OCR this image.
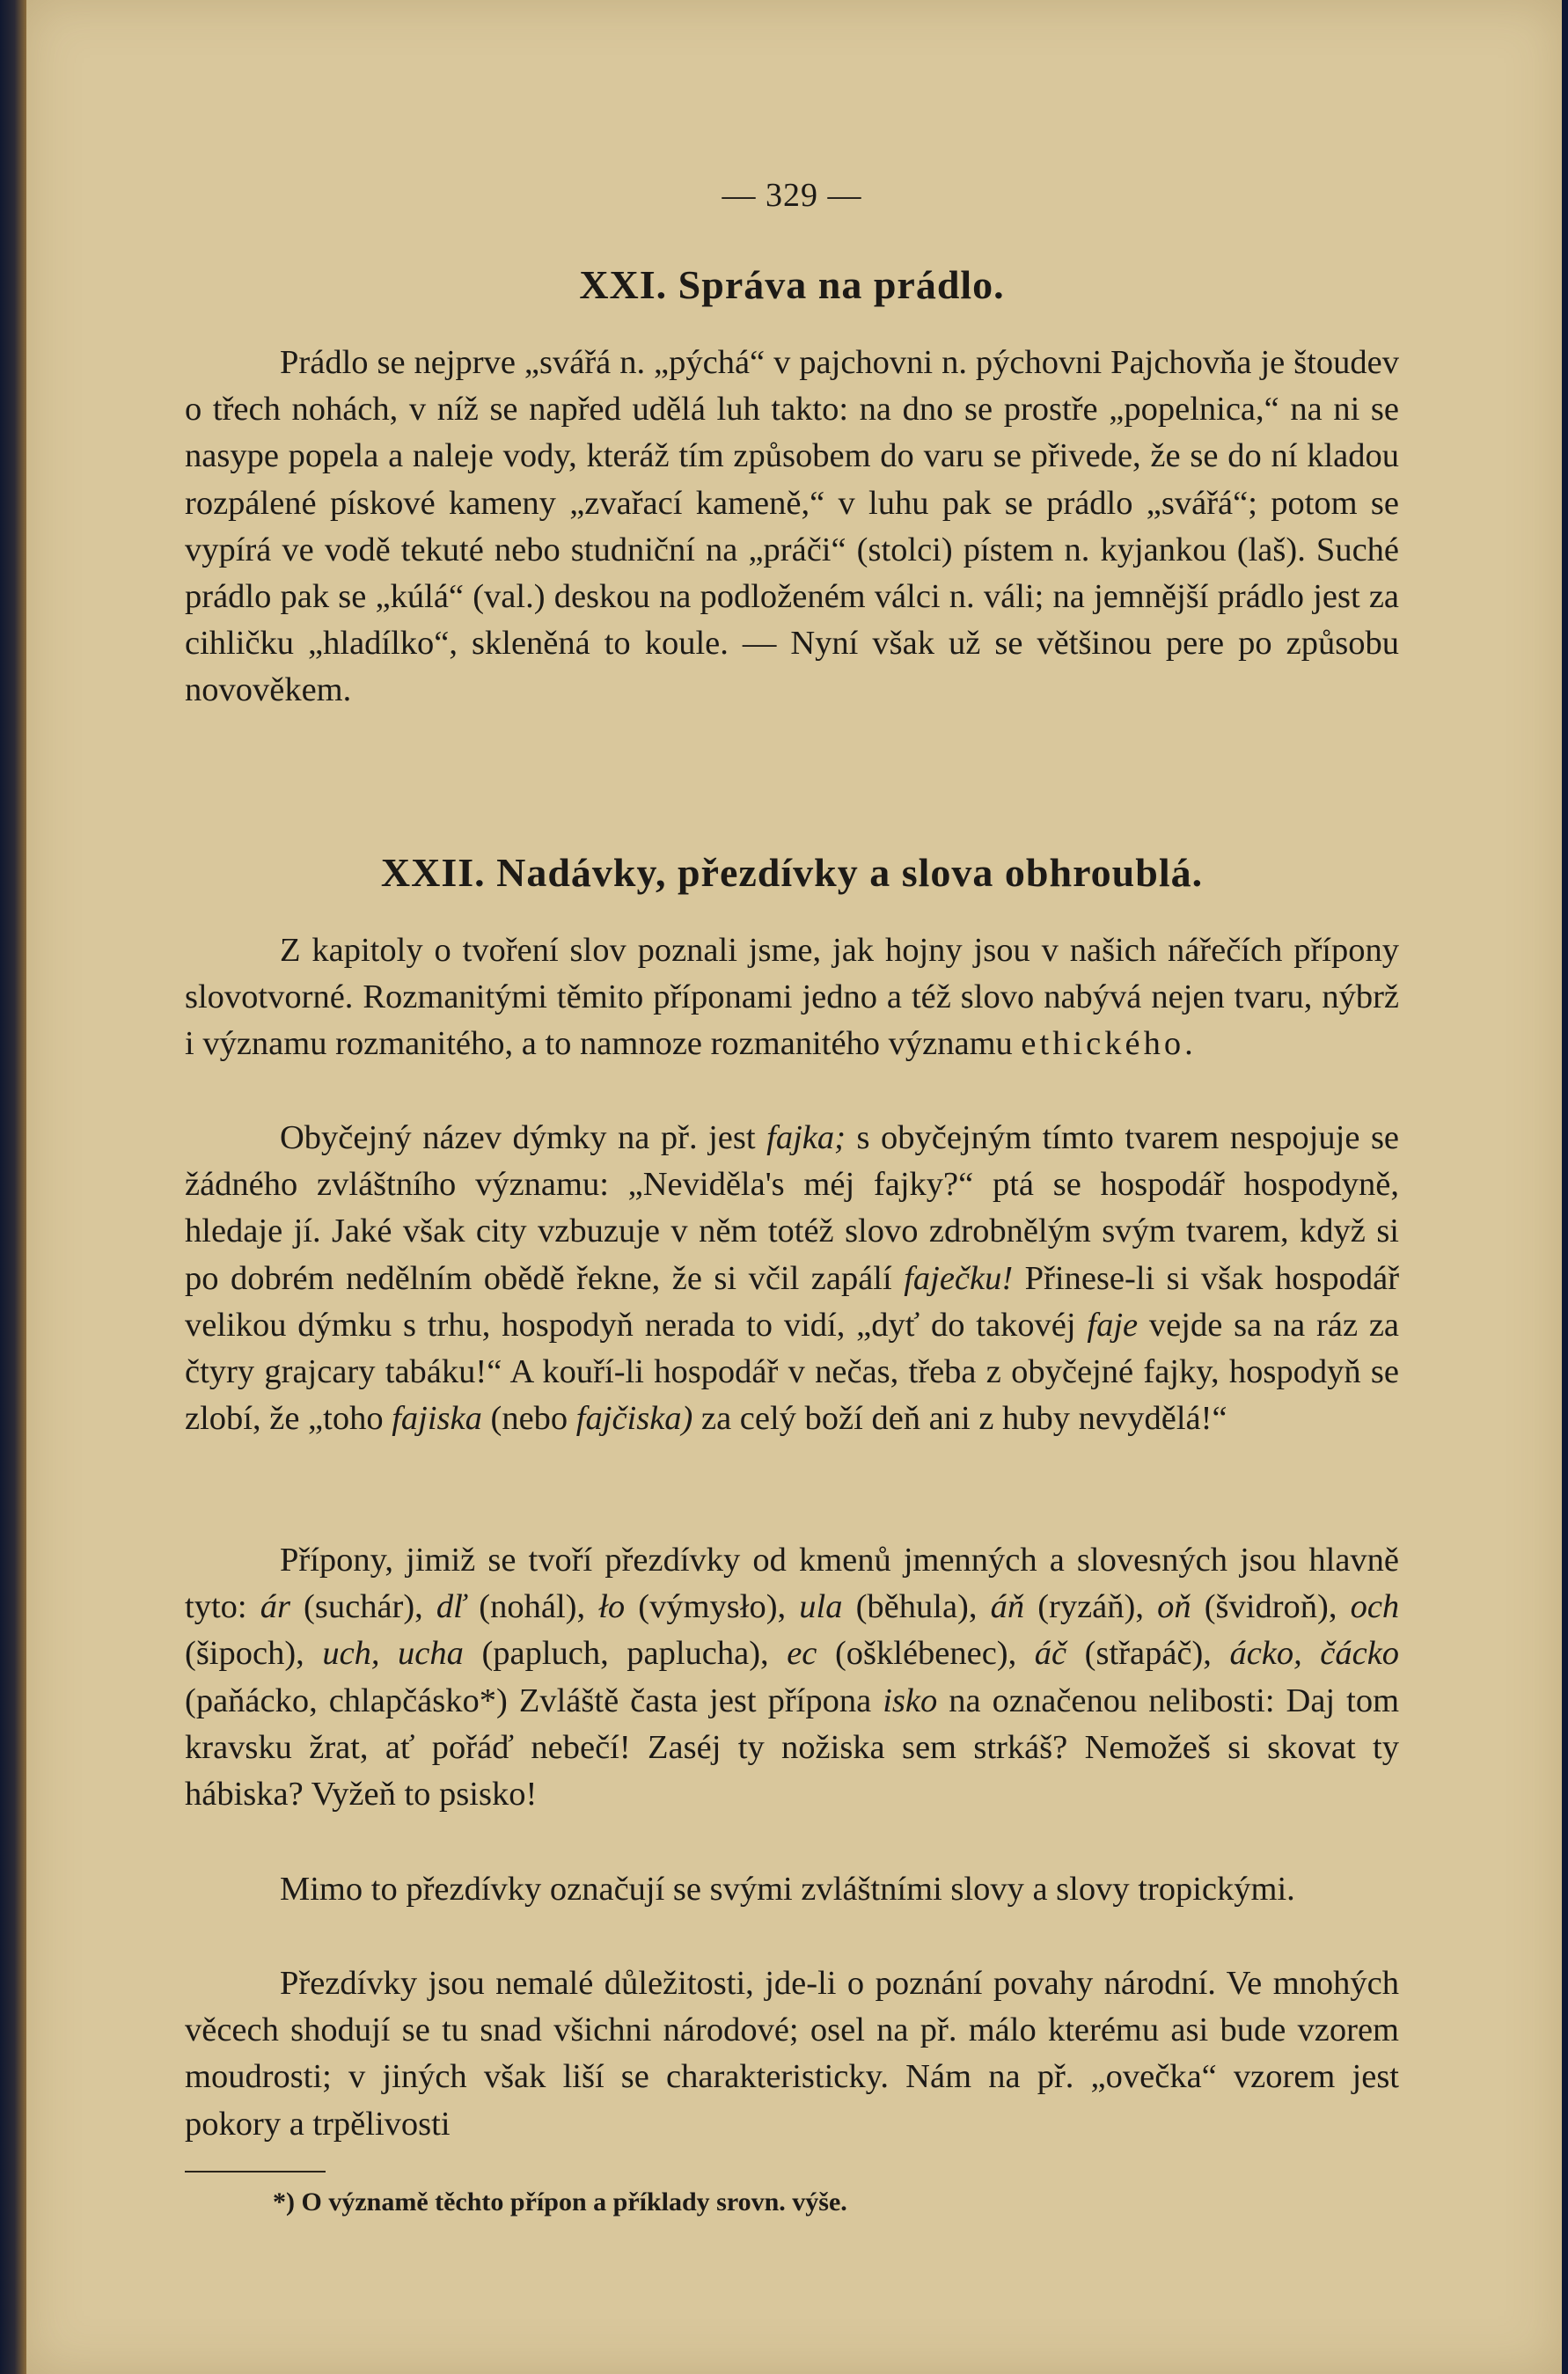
— 329 —
XXI. Správa na prádlo.
Prádlo se nejprve „svářá n. „pýchá“ v pajchovni n. pýchovni Pajchovňa je štoudev o třech nohách, v níž se napřed udělá luh takto: na dno se prostře „popelnica,“ na ni se nasype popela a naleje vody, kteráž tím způsobem do varu se přivede, že se do ní kladou rozpálené pískové kameny „zvařací kameně,“ v luhu pak se prádlo „svářá“; potom se vypírá ve vodě tekuté nebo studniční na „práči“ (stolci) pístem n. kyjankou (laš). Suché prádlo pak se „kúlá“ (val.) deskou na podloženém válci n. váli; na jemnější prádlo jest za cihličku „hladílko“, skleněná to koule. — Nyní však už se většinou pere po způsobu novověkem.
XXII. Nadávky, přezdívky a slova obhroublá.
Z kapitoly o tvoření slov poznali jsme, jak hojny jsou v našich nářečích přípony slovotvorné. Rozmanitými těmito příponami jedno a též slovo nabývá nejen tvaru, nýbrž i významu rozmanitého, a to namnoze rozmanitého významu ethického.
Obyčejný název dýmky na př. jest fajka; s obyčejným tímto tvarem nespojuje se žádného zvláštního významu: „Neviděla's méj fajky?“ ptá se hospodář hospodyně, hledaje jí. Jaké však city vzbuzuje v něm totéž slovo zdrobnělým svým tvarem, když si po dobrém nedělním obědě řekne, že si včil zapálí faječku! Přinese-li si však hospodář velikou dýmku s trhu, hospodyň nerada to vidí, „dyť do takovéj faje vejde sa na ráz za čtyry grajcary tabáku!“ A kouří-li hospodář v nečas, třeba z obyčejné fajky, hospodyň se zlobí, že „toho fajiska (nebo fajčiska) za celý boží deň ani z huby nevydělá!“
Přípony, jimiž se tvoří přezdívky od kmenů jmenných a slovesných jsou hlavně tyto: ár (suchár), dľ (nohál), ło (výmysło), ula (běhula), áň (ryzáň), oň (švidroň), och (šipoch), uch, ucha (papluch, paplucha), ec (ošklébenec), áč (střapáč), ácko, čácko (paňácko, chlapčásko*) Zvláště časta jest přípona isko na označenou nelibosti: Daj tom kravsku žrat, ať pořáď nebečí! Zaséj ty nožiska sem strkáš? Nemožeš si skovat ty hábiska? Vyžeň to psisko!
Mimo to přezdívky označují se svými zvláštními slovy a slovy tropickými.
Přezdívky jsou nemalé důležitosti, jde-li o poznání povahy národní. Ve mnohých věcech shodují se tu snad všichni národové; osel na př. málo kterému asi bude vzorem moudrosti; v jiných však liší se charakteristicky. Nám na př. „ovečka“ vzorem jest pokory a trpělivosti
*) O významě těchto přípon a příklady srovn. výše.
